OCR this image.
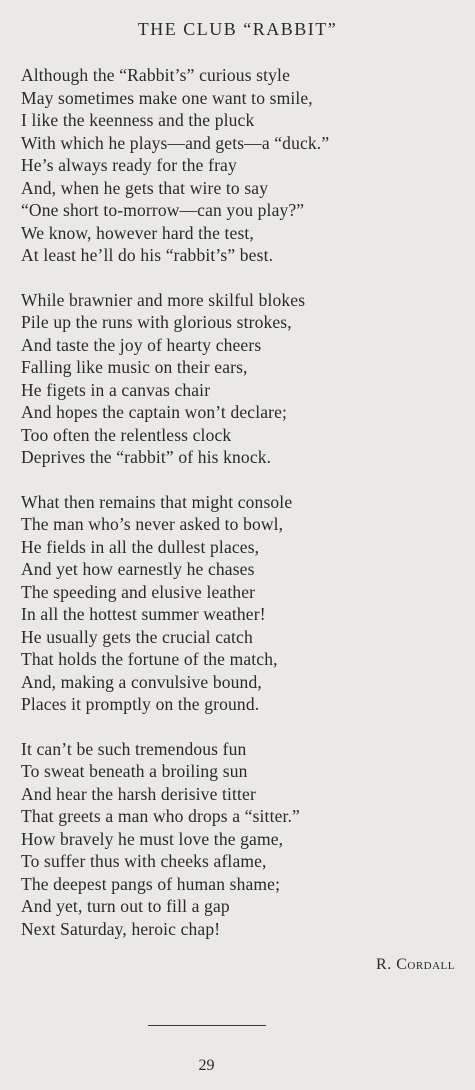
THE CLUB “RABBIT”
Although the “Rabbit’s” curious style
May sometimes make one want to smile,
I like the keenness and the pluck
With which he plays—and gets—a “duck.”
He’s always ready for the fray
And, when he gets that wire to say
“One short to-morrow—can you play?”
We know, however hard the test,
At least he’ll do his “rabbit’s” best.
While brawnier and more skilful blokes
Pile up the runs with glorious strokes,
And taste the joy of hearty cheers
Falling like music on their ears,
He figets in a canvas chair
And hopes the captain won’t declare;
Too often the relentless clock
Deprives the “rabbit” of his knock.
What then remains that might console
The man who’s never asked to bowl,
He fields in all the dullest places,
And yet how earnestly he chases
The speeding and elusive leather
In all the hottest summer weather!
He usually gets the crucial catch
That holds the fortune of the match,
And, making a convulsive bound,
Places it promptly on the ground.
It can’t be such tremendous fun
To sweat beneath a broiling sun
And hear the harsh derisive titter
That greets a man who drops a “sitter.”
How bravely he must love the game,
To suffer thus with cheeks aflame,
The deepest pangs of human shame;
And yet, turn out to fill a gap
Next Saturday, heroic chap!
R. Cordall
29
